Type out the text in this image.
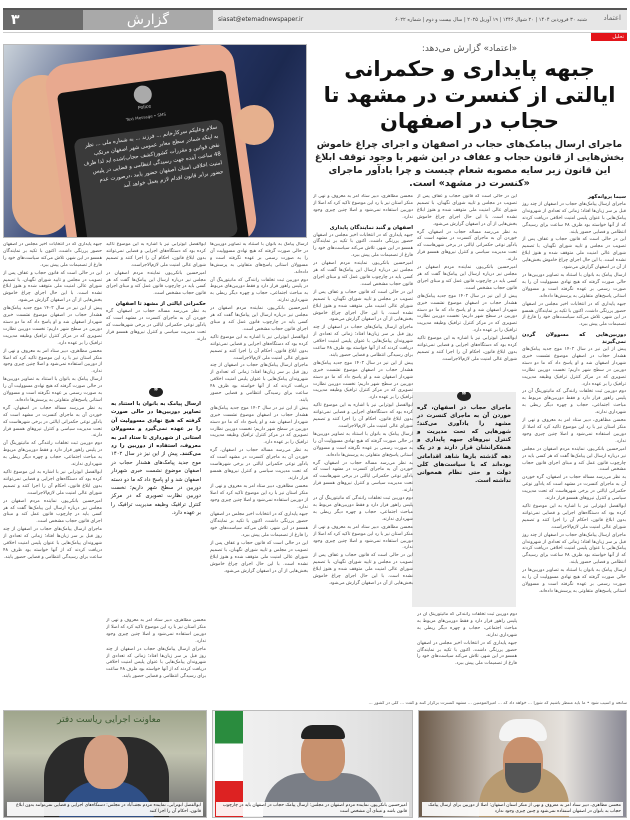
۳	گزارش	siasat@etemadnewspaper.ir	شنبه ۳۰ فروردین ۱۴۰۴ | ۲۰ شوال ۱۴۴۶ | ۱۹ آوریل ۲۰۲۵ | سال بیست و دوم | شماره ۶۰۲۲ اعتماد
تحلیل
Police
Text Message • SMS
سلام وعلیکم سرکارخانم ... فرزند ... به شماره ملی ... نظر به اینکه شمادر سطح معابر عمومی شهر اصفهان مرتکب نقض قوانین و مقررات کشور(کشف حجاب)شده اید لذا ظرف 48 ساعت آینده جهت رسیدگی انتظامی و قضایی در پلیس امنیت اخلاقی استان اصفهان حضور یابید ،درصورت عدم حضور برابر قانون اقدام لازم بعمل خواهد آمد
«اعتماد» گزارش می‌دهد:
جبهه پایداری و حکمرانی ایالتی از کنسرت در مشهد تا حجاب در اصفهان
ماجرای ارسال پیامک‌های حجاب در اصفهان و اجرای چراغ خاموش بخش‌هایی از قانون حجاب و عفاف در این شهر با وجود توقف ابلاغ این قانون زیر سایه مصوبه شعام چیست و چرا یادآور ماجرای «کنسرت در مشهد» است.

سیما پروانه‌گهر

ماجرای ارسال پیامک‌های حجاب در اصفهان از چند روز قبل بر سر زبان‌ها افتاد؛ زمانی که تعدادی از شهروندان پیامک‌هایی با عنوان پلیس امنیت اخلاقی دریافت کردند که از آنها خواسته بود ظرف ۴۸ ساعت برای رسیدگی انتظامی و قضایی حضور یابند.

این در حالی است که قانون حجاب و عفاف پس از تصویب در مجلس و تایید شورای نگهبان، با تصمیم شورای عالی امنیت ملی متوقف شده و هنوز ابلاغ نشده است. با این حال اجرای چراغ خاموش بخش‌هایی از آن در اصفهان گزارش می‌شود.

ارسال پیامک به بانوان با استناد به تصاویر دوربین‌ها در حالی صورت گرفته که هیچ نهادی مسوولیت آن را به صورت رسمی بر عهده نگرفته است و مسوولان استانی پاسخ‌های متفاوتی به پرسش‌ها داده‌اند.

جبهه پایداری که در انتخابات اخیر مجلس در اصفهان حضور پررنگی داشت، اکنون با تکیه بر نمایندگان همسو در این شهر، تلاش می‌کند سیاست‌های خود را فارغ از تصمیمات ملی پیش ببرد.

دوربین‌هایی که مسوولان گردن نمی‌گیرند

پیش از این نیز در سال ۱۴۰۲ موج جدید پیامک‌های هشدار حجاب در اصفهان موضوع نشست خبری شهردار اصفهان شد و او پاسخ داد که ما دو دسته دوربین در سطح شهر داریم؛ نخست دوربین نظارت تصویری که در مرکز کنترل ترافیک وظیفه مدیریت ترافیک را بر عهده دارد.

دوم دوربین ثبت تخلفات رانندگی که مانیتورینگ آن در پلیس راهور قرار دارد و فقط دوربین‌های مربوط به مباحث اجتماعی، حجاب و چهره دیگر ربطی به شهرداری ندارند.

محسن مظاهری، دبیر ستاد امر به معروف و نهی از منکر استان نیز با رد این موضوع تاکید کرد که اصلا از دوربین استفاده نمی‌شود و اصلا چنین چیزی وجود ندارد.

امیرحسین بانکی‌پور، نماینده مردم اصفهان در مجلس نیز درباره ارسال این پیامک‌ها گفت که هر کسی باید در چارچوب قانون عمل کند و مبنای اجرای قانون حجاب مشخص است.

به نظر می‌رسد مساله حجاب در اصفهان، گره خوردن آن به ماجرای کنسرت در مشهد است که یادآور نوعی حکمرانی ایالتی در برخی شهرهاست که تحت مدیریت سیاسی و کنترل نیروهای همسو قرار دارند.

ابوالفضل ابوترابی نیز با اشاره به این موضوع تاکید کرده بود که دستگاه‌های اجرایی و قضایی نمی‌توانند بدون ابلاغ قانون، احکام آن را اجرا کنند و تصمیم شورای عالی امنیت ملی لازم‌الاجراست.

ماجرای ارسال پیامک‌های حجاب در اصفهان از چند روز قبل بر سر زبان‌ها افتاد؛ زمانی که تعدادی از شهروندان پیامک‌هایی با عنوان پلیس امنیت اخلاقی دریافت کردند که از آنها خواسته بود ظرف ۴۸ ساعت برای رسیدگی انتظامی و قضایی حضور یابند.

ارسال پیامک به بانوان با استناد به تصاویر دوربین‌ها در حالی صورت گرفته که هیچ نهادی مسوولیت آن را به صورت رسمی بر عهده نگرفته است و مسوولان استانی پاسخ‌های متفاوتی به پرسش‌ها داده‌اند.

این در حالی است که قانون حجاب و عفاف پس از تصویب در مجلس و تایید شورای نگهبان، با تصمیم شورای عالی امنیت ملی متوقف شده و هنوز ابلاغ نشده است. با این حال اجرای چراغ خاموش بخش‌هایی از آن در اصفهان گزارش می‌شود.

به نظر می‌رسد مساله حجاب در اصفهان، گره خوردن آن به ماجرای کنسرت در مشهد است که یادآور نوعی حکمرانی ایالتی در برخی شهرهاست که تحت مدیریت سیاسی و کنترل نیروهای همسو قرار دارند.

امیرحسین بانکی‌پور، نماینده مردم اصفهان در مجلس نیز درباره ارسال این پیامک‌ها گفت که هر کسی باید در چارچوب قانون عمل کند و مبنای اجرای قانون حجاب مشخص است.

پیش از این نیز در سال ۱۴۰۲ موج جدید پیامک‌های هشدار حجاب در اصفهان موضوع نشست خبری شهردار اصفهان شد و او پاسخ داد که ما دو دسته دوربین در سطح شهر داریم؛ نخست دوربین نظارت تصویری که در مرکز کنترل ترافیک وظیفه مدیریت ترافیک را بر عهده دارد.

ابوالفضل ابوترابی نیز با اشاره به این موضوع تاکید کرده بود که دستگاه‌های اجرایی و قضایی نمی‌توانند بدون ابلاغ قانون، احکام آن را اجرا کنند و تصمیم شورای عالی امنیت ملی لازم‌الاجراست.

❞
ماجرای حجاب در اصفهان، گره خوردن آن به ماجرای کنسرت در مشهد را یادآوری می‌کند؛ شهرهایی که تحت مدیریت و کنترل نیروهای جبهه پایداری و همفکرانشان قرار دارند و در یک دهه گذشته بارها شاهد اقداماتی بوده‌اند که با سیاست‌های کلی دولت و حتی نظام همخوانی نداشته است.

دوم دوربین ثبت تخلفات رانندگی که مانیتورینگ آن در پلیس راهور قرار دارد و فقط دوربین‌های مربوط به مباحث اجتماعی، حجاب و چهره دیگر ربطی به شهرداری ندارند.

جبهه پایداری که در انتخابات اخیر مجلس در اصفهان حضور پررنگی داشت، اکنون با تکیه بر نمایندگان همسو در این شهر، تلاش می‌کند سیاست‌های خود را فارغ از تصمیمات ملی پیش ببرد.

محسن مظاهری، دبیر ستاد امر به معروف و نهی از منکر استان نیز با رد این موضوع تاکید کرد که اصلا از دوربین استفاده نمی‌شود و اصلا چنین چیزی وجود ندارد.

اصفهان و گنبد نمایندگان پایداری

جبهه پایداری که در انتخابات اخیر مجلس در اصفهان حضور پررنگی داشت، اکنون با تکیه بر نمایندگان همسو در این شهر، تلاش می‌کند سیاست‌های خود را فارغ از تصمیمات ملی پیش ببرد.

امیرحسین بانکی‌پور، نماینده مردم اصفهان در مجلس نیز درباره ارسال این پیامک‌ها گفت که هر کسی باید در چارچوب قانون عمل کند و مبنای اجرای قانون حجاب مشخص است.

این در حالی است که قانون حجاب و عفاف پس از تصویب در مجلس و تایید شورای نگهبان، با تصمیم شورای عالی امنیت ملی متوقف شده و هنوز ابلاغ نشده است. با این حال اجرای چراغ خاموش بخش‌هایی از آن در اصفهان گزارش می‌شود.

ماجرای ارسال پیامک‌های حجاب در اصفهان از چند روز قبل بر سر زبان‌ها افتاد؛ زمانی که تعدادی از شهروندان پیامک‌هایی با عنوان پلیس امنیت اخلاقی دریافت کردند که از آنها خواسته بود ظرف ۴۸ ساعت برای رسیدگی انتظامی و قضایی حضور یابند.

پیش از این نیز در سال ۱۴۰۲ موج جدید پیامک‌های هشدار حجاب در اصفهان موضوع نشست خبری شهردار اصفهان شد و او پاسخ داد که ما دو دسته دوربین در سطح شهر داریم؛ نخست دوربین نظارت تصویری که در مرکز کنترل ترافیک وظیفه مدیریت ترافیک را بر عهده دارد.

ابوالفضل ابوترابی نیز با اشاره به این موضوع تاکید کرده بود که دستگاه‌های اجرایی و قضایی نمی‌توانند بدون ابلاغ قانون، احکام آن را اجرا کنند و تصمیم شورای عالی امنیت ملی لازم‌الاجراست.

ارسال پیامک به بانوان با استناد به تصاویر دوربین‌ها در حالی صورت گرفته که هیچ نهادی مسوولیت آن را به صورت رسمی بر عهده نگرفته است و مسوولان استانی پاسخ‌های متفاوتی به پرسش‌ها داده‌اند.

به نظر می‌رسد مساله حجاب در اصفهان، گره خوردن آن به ماجرای کنسرت در مشهد است که یادآور نوعی حکمرانی ایالتی در برخی شهرهاست که تحت مدیریت سیاسی و کنترل نیروهای همسو قرار دارند.

دوم دوربین ثبت تخلفات رانندگی که مانیتورینگ آن در پلیس راهور قرار دارد و فقط دوربین‌های مربوط به مباحث اجتماعی، حجاب و چهره دیگر ربطی به شهرداری ندارند.

محسن مظاهری، دبیر ستاد امر به معروف و نهی از منکر استان نیز با رد این موضوع تاکید کرد که اصلا از دوربین استفاده نمی‌شود و اصلا چنین چیزی وجود ندارد.

این در حالی است که قانون حجاب و عفاف پس از تصویب در مجلس و تایید شورای نگهبان، با تصمیم شورای عالی امنیت ملی متوقف شده و هنوز ابلاغ نشده است. با این حال اجرای چراغ خاموش بخش‌هایی از آن در اصفهان گزارش می‌شود.

ارسال پیامک به بانوان با استناد به تصاویر دوربین‌ها در حالی صورت گرفته که هیچ نهادی مسوولیت آن را به صورت رسمی بر عهده نگرفته است و مسوولان استانی پاسخ‌های متفاوتی به پرسش‌ها داده‌اند.

دوم دوربین ثبت تخلفات رانندگی که مانیتورینگ آن در پلیس راهور قرار دارد و فقط دوربین‌های مربوط به مباحث اجتماعی، حجاب و چهره دیگر ربطی به شهرداری ندارند.

امیرحسین بانکی‌پور، نماینده مردم اصفهان در مجلس نیز درباره ارسال این پیامک‌ها گفت که هر کسی باید در چارچوب قانون عمل کند و مبنای اجرای قانون حجاب مشخص است.

ابوالفضل ابوترابی نیز با اشاره به این موضوع تاکید کرده بود که دستگاه‌های اجرایی و قضایی نمی‌توانند بدون ابلاغ قانون، احکام آن را اجرا کنند و تصمیم شورای عالی امنیت ملی لازم‌الاجراست.

ماجرای ارسال پیامک‌های حجاب در اصفهان از چند روز قبل بر سر زبان‌ها افتاد؛ زمانی که تعدادی از شهروندان پیامک‌هایی با عنوان پلیس امنیت اخلاقی دریافت کردند که از آنها خواسته بود ظرف ۴۸ ساعت برای رسیدگی انتظامی و قضایی حضور یابند.

پیش از این نیز در سال ۱۴۰۲ موج جدید پیامک‌های هشدار حجاب در اصفهان موضوع نشست خبری شهردار اصفهان شد و او پاسخ داد که ما دو دسته دوربین در سطح شهر داریم؛ نخست دوربین نظارت تصویری که در مرکز کنترل ترافیک وظیفه مدیریت ترافیک را بر عهده دارد.

به نظر می‌رسد مساله حجاب در اصفهان، گره خوردن آن به ماجرای کنسرت در مشهد است که یادآور نوعی حکمرانی ایالتی در برخی شهرهاست که تحت مدیریت سیاسی و کنترل نیروهای همسو قرار دارند.

محسن مظاهری، دبیر ستاد امر به معروف و نهی از منکر استان نیز با رد این موضوع تاکید کرد که اصلا از دوربین استفاده نمی‌شود و اصلا چنین چیزی وجود ندارد.

جبهه پایداری که در انتخابات اخیر مجلس در اصفهان حضور پررنگی داشت، اکنون با تکیه بر نمایندگان همسو در این شهر، تلاش می‌کند سیاست‌های خود را فارغ از تصمیمات ملی پیش ببرد.

این در حالی است که قانون حجاب و عفاف پس از تصویب در مجلس و تایید شورای نگهبان، با تصمیم شورای عالی امنیت ملی متوقف شده و هنوز ابلاغ نشده است. با این حال اجرای چراغ خاموش بخش‌هایی از آن در اصفهان گزارش می‌شود.

ابوالفضل ابوترابی نیز با اشاره به این موضوع تاکید کرده بود که دستگاه‌های اجرایی و قضایی نمی‌توانند بدون ابلاغ قانون، احکام آن را اجرا کنند و تصمیم شورای عالی امنیت ملی لازم‌الاجراست.

امیرحسین بانکی‌پور، نماینده مردم اصفهان در مجلس نیز درباره ارسال این پیامک‌ها گفت که هر کسی باید در چارچوب قانون عمل کند و مبنای اجرای قانون حجاب مشخص است.

حکمرانی ایالتی از مشهد تا اصفهان

به نظر می‌رسد مساله حجاب در اصفهان، گره خوردن آن به ماجرای کنسرت در مشهد است که یادآور نوعی حکمرانی ایالتی در برخی شهرهاست که تحت مدیریت سیاسی و کنترل نیروهای همسو قرار دارند.

❞
ارسال پیامک به بانوان با استناد به تصاویر دوربین‌ها در حالی صورت گرفته که هیچ نهادی مسوولیت آن را بر عهده نمی‌گیرد و مسوولان استانی از شهرداری تا ستاد امر به معروف، استفاده از دوربین را رد می‌کنند. پیش از این نیز در سال ۱۴۰۲ موج جدید پیامک‌های هشدار حجاب در اصفهان موضوع نشست خبری شهردار اصفهان شد و او پاسخ داد که ما دو دسته دوربین در سطح شهر داریم؛ نخست دوربین نظارت تصویری که در مرکز کنترل ترافیک وظیفه مدیریت ترافیک را بر عهده دارد.

محسن مظاهری، دبیر ستاد امر به معروف و نهی از منکر استان نیز با رد این موضوع تاکید کرد که اصلا از دوربین استفاده نمی‌شود و اصلا چنین چیزی وجود ندارد.

ماجرای ارسال پیامک‌های حجاب در اصفهان از چند روز قبل بر سر زبان‌ها افتاد؛ زمانی که تعدادی از شهروندان پیامک‌هایی با عنوان پلیس امنیت اخلاقی دریافت کردند که از آنها خواسته بود ظرف ۴۸ ساعت برای رسیدگی انتظامی و قضایی حضور یابند.

جبهه پایداری که در انتخابات اخیر مجلس در اصفهان حضور پررنگی داشت، اکنون با تکیه بر نمایندگان همسو در این شهر، تلاش می‌کند سیاست‌های خود را فارغ از تصمیمات ملی پیش ببرد.

این در حالی است که قانون حجاب و عفاف پس از تصویب در مجلس و تایید شورای نگهبان، با تصمیم شورای عالی امنیت ملی متوقف شده و هنوز ابلاغ نشده است. با این حال اجرای چراغ خاموش بخش‌هایی از آن در اصفهان گزارش می‌شود.

پیش از این نیز در سال ۱۴۰۲ موج جدید پیامک‌های هشدار حجاب در اصفهان موضوع نشست خبری شهردار اصفهان شد و او پاسخ داد که ما دو دسته دوربین در سطح شهر داریم؛ نخست دوربین نظارت تصویری که در مرکز کنترل ترافیک وظیفه مدیریت ترافیک را بر عهده دارد.

محسن مظاهری، دبیر ستاد امر به معروف و نهی از منکر استان نیز با رد این موضوع تاکید کرد که اصلا از دوربین استفاده نمی‌شود و اصلا چنین چیزی وجود ندارد.

ارسال پیامک به بانوان با استناد به تصاویر دوربین‌ها در حالی صورت گرفته که هیچ نهادی مسوولیت آن را به صورت رسمی بر عهده نگرفته است و مسوولان استانی پاسخ‌های متفاوتی به پرسش‌ها داده‌اند.

به نظر می‌رسد مساله حجاب در اصفهان، گره خوردن آن به ماجرای کنسرت در مشهد است که یادآور نوعی حکمرانی ایالتی در برخی شهرهاست که تحت مدیریت سیاسی و کنترل نیروهای همسو قرار دارند.

دوم دوربین ثبت تخلفات رانندگی که مانیتورینگ آن در پلیس راهور قرار دارد و فقط دوربین‌های مربوط به مباحث اجتماعی، حجاب و چهره دیگر ربطی به شهرداری ندارند.

ابوالفضل ابوترابی نیز با اشاره به این موضوع تاکید کرده بود که دستگاه‌های اجرایی و قضایی نمی‌توانند بدون ابلاغ قانون، احکام آن را اجرا کنند و تصمیم شورای عالی امنیت ملی لازم‌الاجراست.

امیرحسین بانکی‌پور، نماینده مردم اصفهان در مجلس نیز درباره ارسال این پیامک‌ها گفت که هر کسی باید در چارچوب قانون عمل کند و مبنای اجرای قانون حجاب مشخص است.

ماجرای ارسال پیامک‌های حجاب در اصفهان از چند روز قبل بر سر زبان‌ها افتاد؛ زمانی که تعدادی از شهروندان پیامک‌هایی با عنوان پلیس امنیت اخلاقی دریافت کردند که از آنها خواسته بود ظرف ۴۸ ساعت برای رسیدگی انتظامی و قضایی حضور یابند.

سانحه و آسیب شود • ما باید منتظر باشیم که شورا ... خواهد داد که ... امیرالمومنین ... مشهد کنسرت برگزار کنند و گفت ... کلی در کشور ...
محسن مظاهری، دبیر ستاد امر به معروف و نهی از منکر استان اصفهان: اصلا از دوربین برای ارسال پیامک حجاب به بانوان در اصفهان استفاده نمی‌شود و چنین چیزی وجود ندارد
امیرحسین بانکی‌پور، نماینده مردم اصفهان در مجلس: ارسال پیامک حجاب در اصفهان باید در چارچوب قانون باشد و مبنای آن مشخص است
معاونت اجرایی ریاست دفتر
ابوالفضل ابوترابی، نماینده مردم نجف‌آباد در مجلس: دستگاه‌های اجرایی و قضایی نمی‌توانند بدون ابلاغ قانون، احکام آن را اجرا کنند
